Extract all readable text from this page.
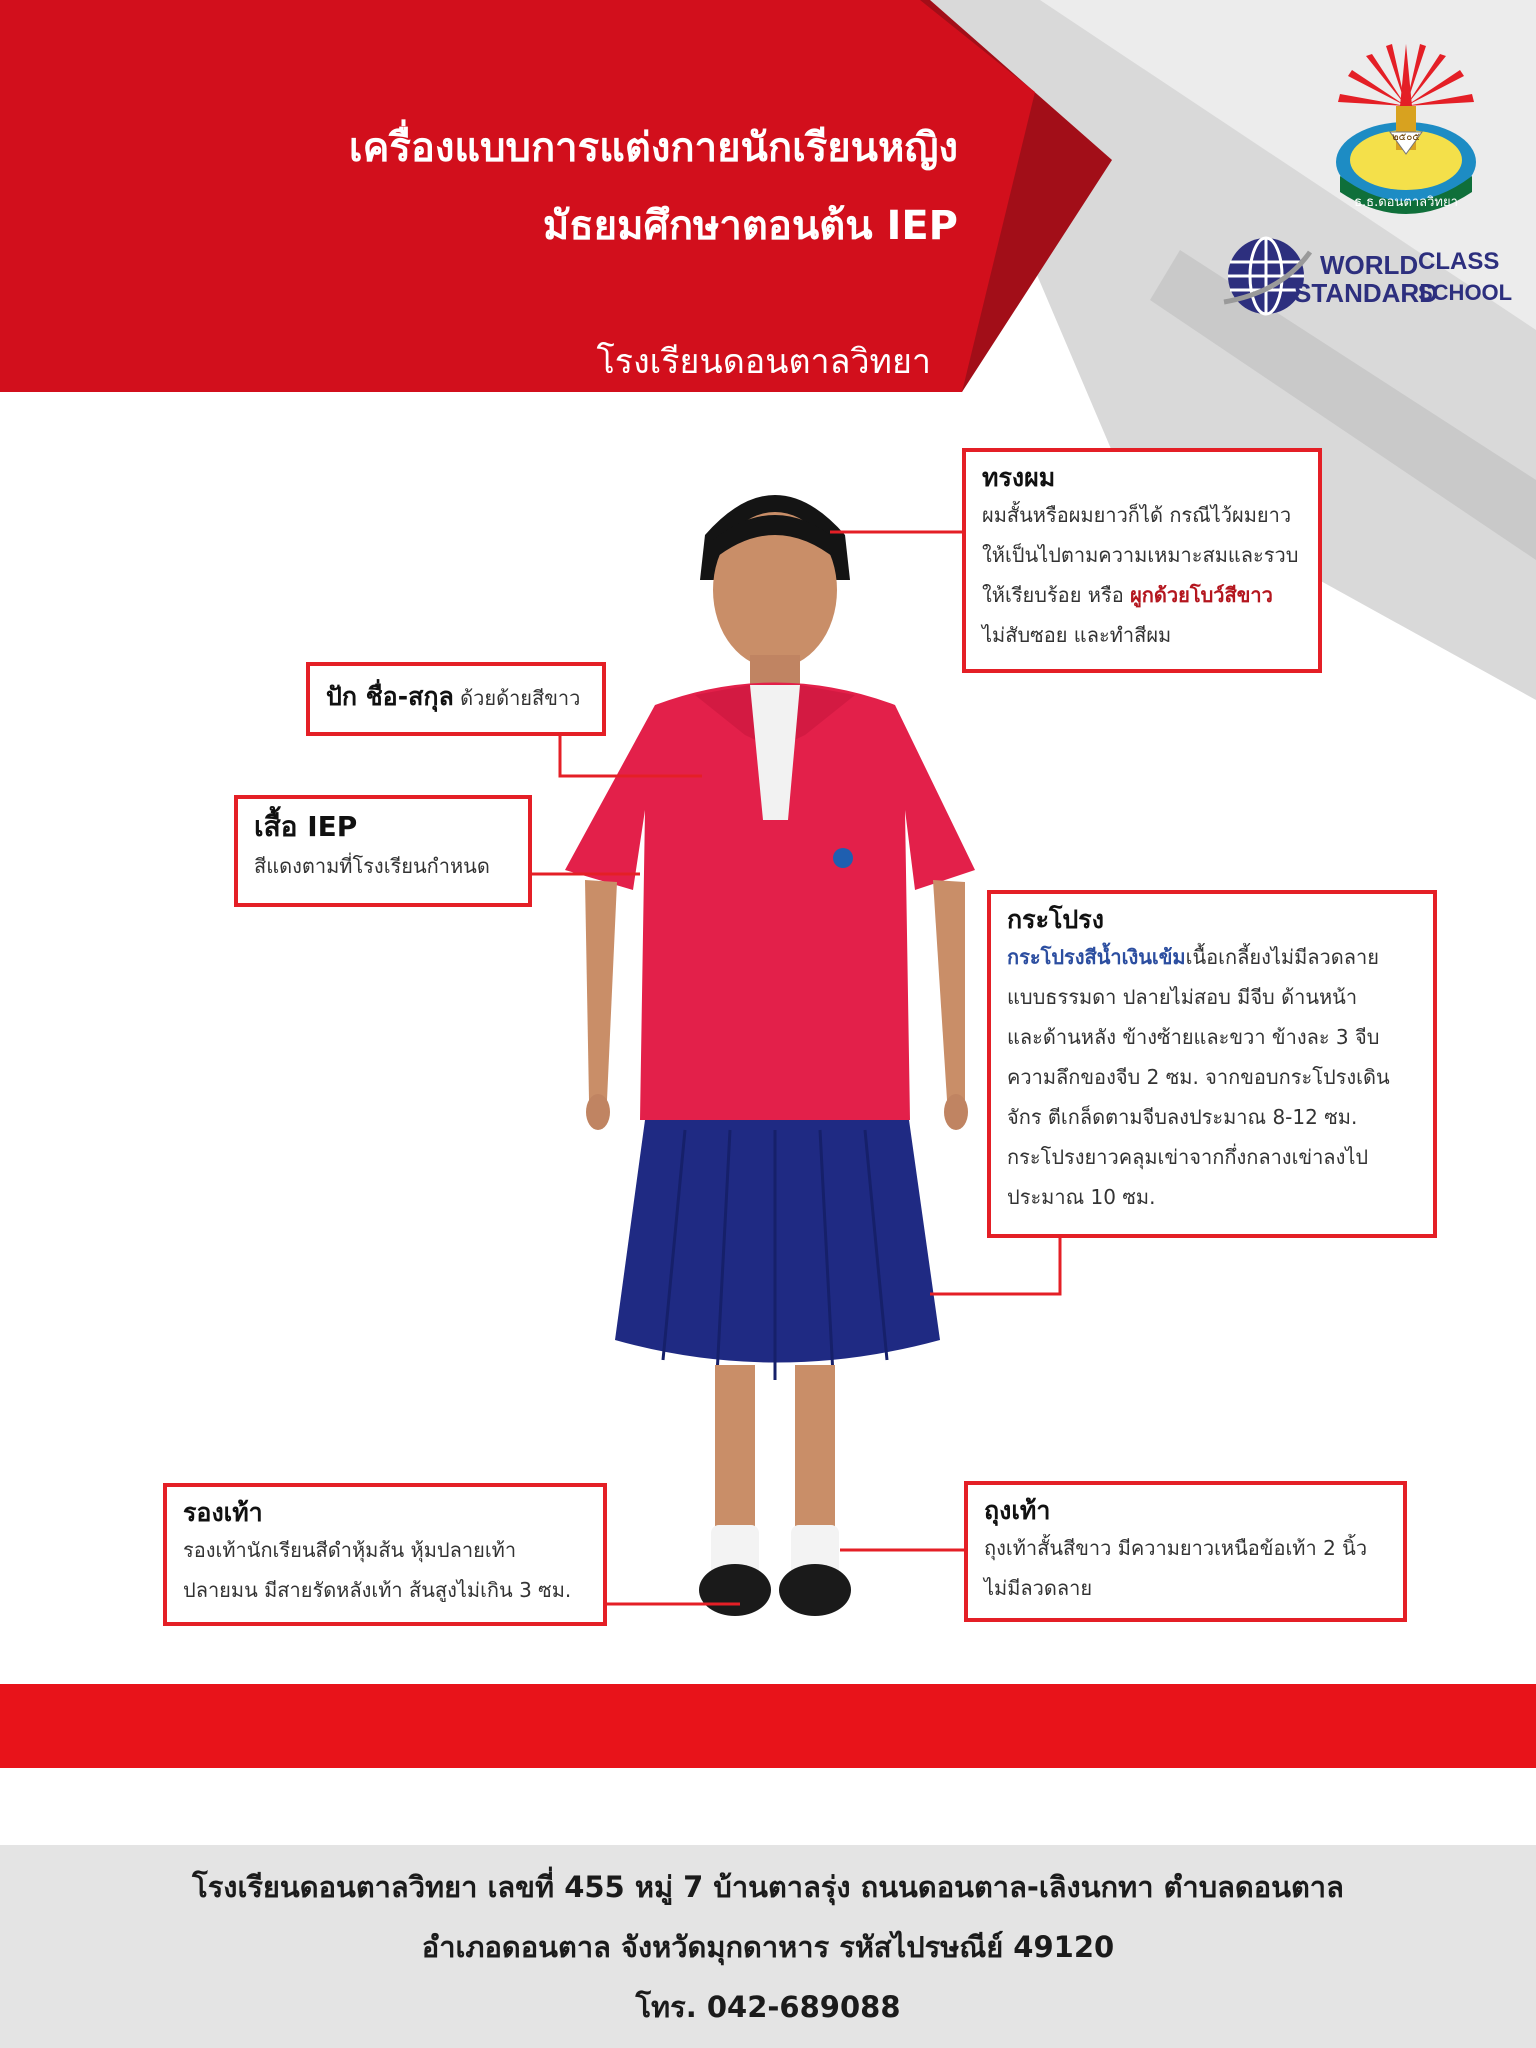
เครื่องแบบการแต่งกายนักเรียนหญิง
มัธยมศึกษาตอนต้น IEP
โรงเรียนดอนตาลวิทยา
ธ.ธ.ดอนตาลวิทยา
๒๕๐๕
WORLD CLASS
STANDARD
SCHOOL
ทรงผม
ผมสั้นหรือผมยาวก็ได้ กรณีไว้ผมยาว
ให้เป็นไปตามความเหมาะสมและรวบ
ให้เรียบร้อย หรือ ผูกด้วยโบว์สีขาว
ไม่สับซอย และทำสีผม
ปัก ชื่อ-สกุล ด้วยด้ายสีขาว
เสื้อ IEP
สีแดงตามที่โรงเรียนกำหนด
กระโปรง
กระโปรงสีน้ำเงินเข้มเนื้อเกลี้ยงไม่มีลวดลาย
แบบธรรมดา ปลายไม่สอบ มีจีบ ด้านหน้า
และด้านหลัง ข้างซ้ายและขวา ข้างละ 3 จีบ
ความลึกของจีบ 2 ซม. จากขอบกระโปรงเดิน
จักร ตีเกล็ดตามจีบลงประมาณ 8-12 ซม.
กระโปรงยาวคลุมเข่าจากกึ่งกลางเข่าลงไป
ประมาณ 10 ซม.
รองเท้า
รองเท้านักเรียนสีดำหุ้มส้น หุ้มปลายเท้า
ปลายมน มีสายรัดหลังเท้า ส้นสูงไม่เกิน 3 ซม.
ถุงเท้า
ถุงเท้าสั้นสีขาว มีความยาวเหนือข้อเท้า 2 นิ้ว
ไม่มีลวดลาย
โรงเรียนดอนตาลวิทยา เลขที่ 455 หมู่ 7 บ้านตาลรุ่ง ถนนดอนตาล-เลิงนกทา ตำบลดอนตาล
อำเภอดอนตาล จังหวัดมุกดาหาร รหัสไปรษณีย์ 49120
โทร. 042-689088
